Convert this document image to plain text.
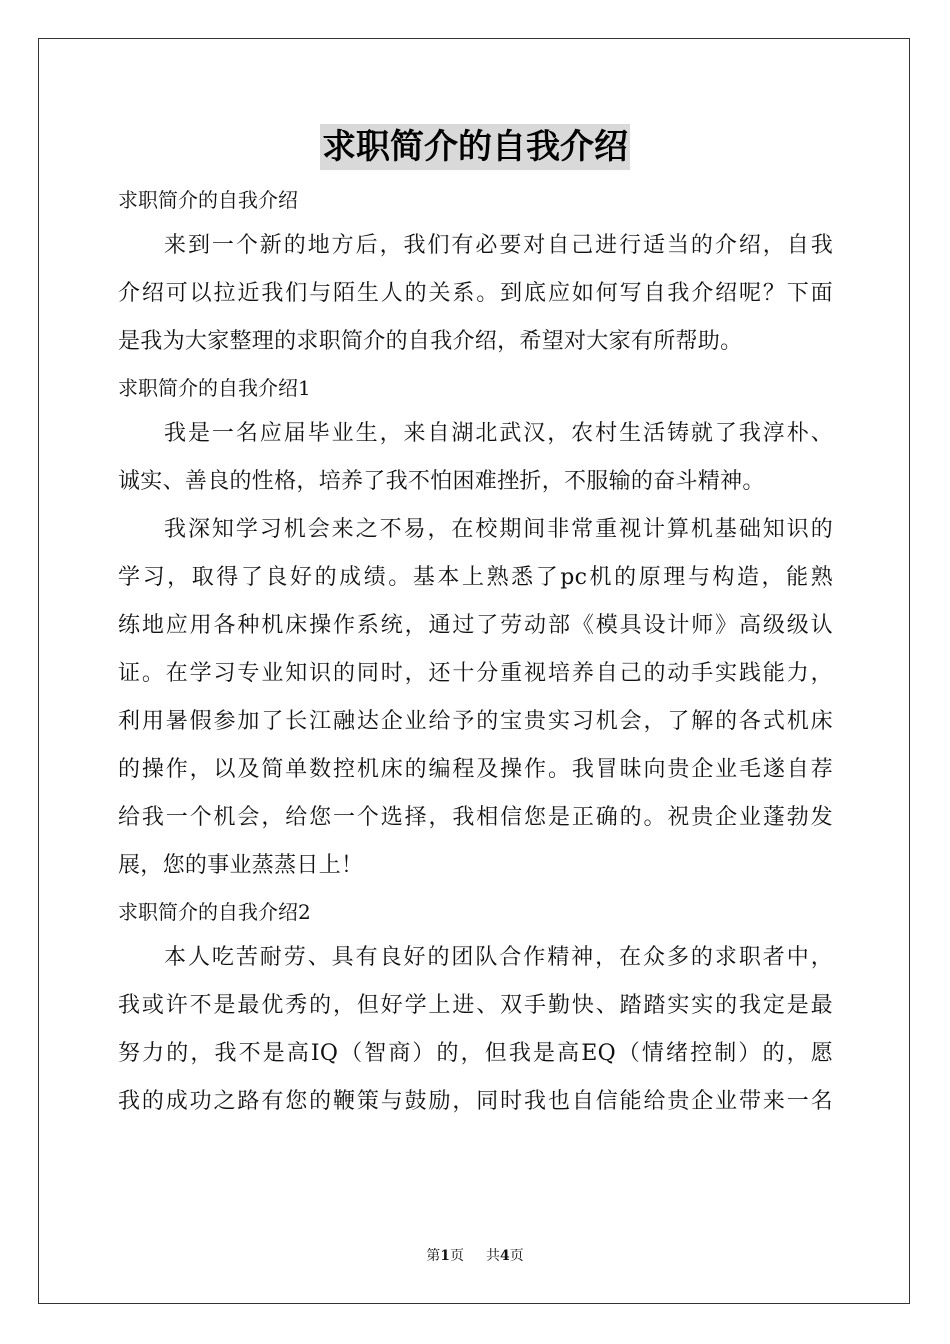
求职简介的自我介绍
求职简介的自我介绍
来到一个新的地方后，我们有必要对自己进行适当的介绍，自我
介绍可以拉近我们与陌生人的关系。到底应如何写自我介绍呢？下面
是我为大家整理的求职简介的自我介绍，希望对大家有所帮助。
求职简介的自我介绍1
我是一名应届毕业生，来自湖北武汉，农村生活铸就了我淳朴、
诚实、善良的性格，培养了我不怕困难挫折，不服输的奋斗精神。
我深知学习机会来之不易，在校期间非常重视计算机基础知识的
学习，取得了良好的成绩。基本上熟悉了pc机的原理与构造，能熟
练地应用各种机床操作系统，通过了劳动部《模具设计师》高级级认
证。在学习专业知识的同时，还十分重视培养自己的动手实践能力，
利用暑假参加了长江融达企业给予的宝贵实习机会，了解的各式机床
的操作，以及简单数控机床的编程及操作。我冒昧向贵企业毛遂自荐
给我一个机会，给您一个选择，我相信您是正确的。祝贵企业蓬勃发
展，您的事业蒸蒸日上！
求职简介的自我介绍2
本人吃苦耐劳、具有良好的团队合作精神，在众多的求职者中，
我或许不是最优秀的，但好学上进、双手勤快、踏踏实实的我定是最
努力的，我不是高IQ（智商）的，但我是高EQ（情绪控制）的，愿
我的成功之路有您的鞭策与鼓励，同时我也自信能给贵企业带来一名
第1页 共4页
